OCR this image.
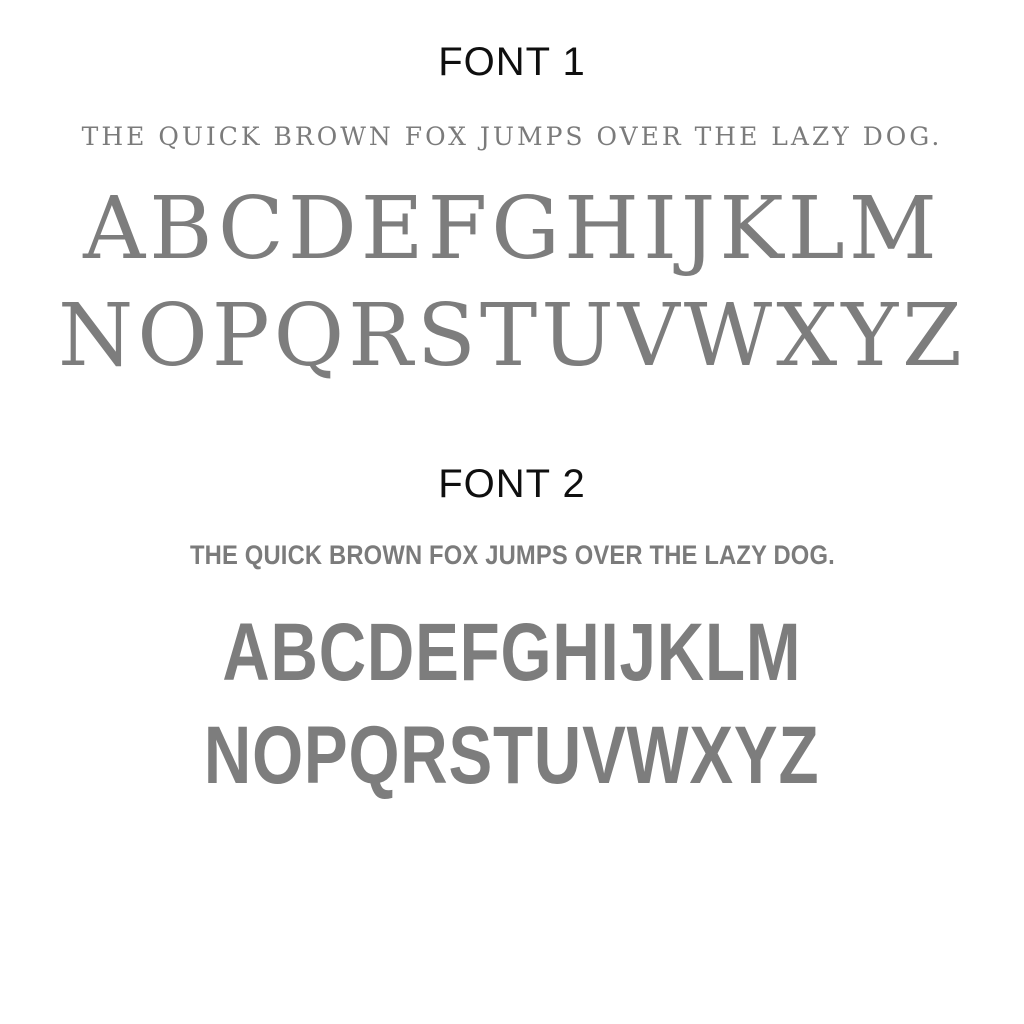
FONT 1
THE QUICK BROWN FOX JUMPS OVER THE LAZY DOG.
ABCDEFGHIJKLM
NOPQRSTUVWXYZ
FONT 2
THE QUICK BROWN FOX JUMPS OVER THE LAZY DOG.
ABCDEFGHIJKLM
NOPQRSTUVWXYZ
